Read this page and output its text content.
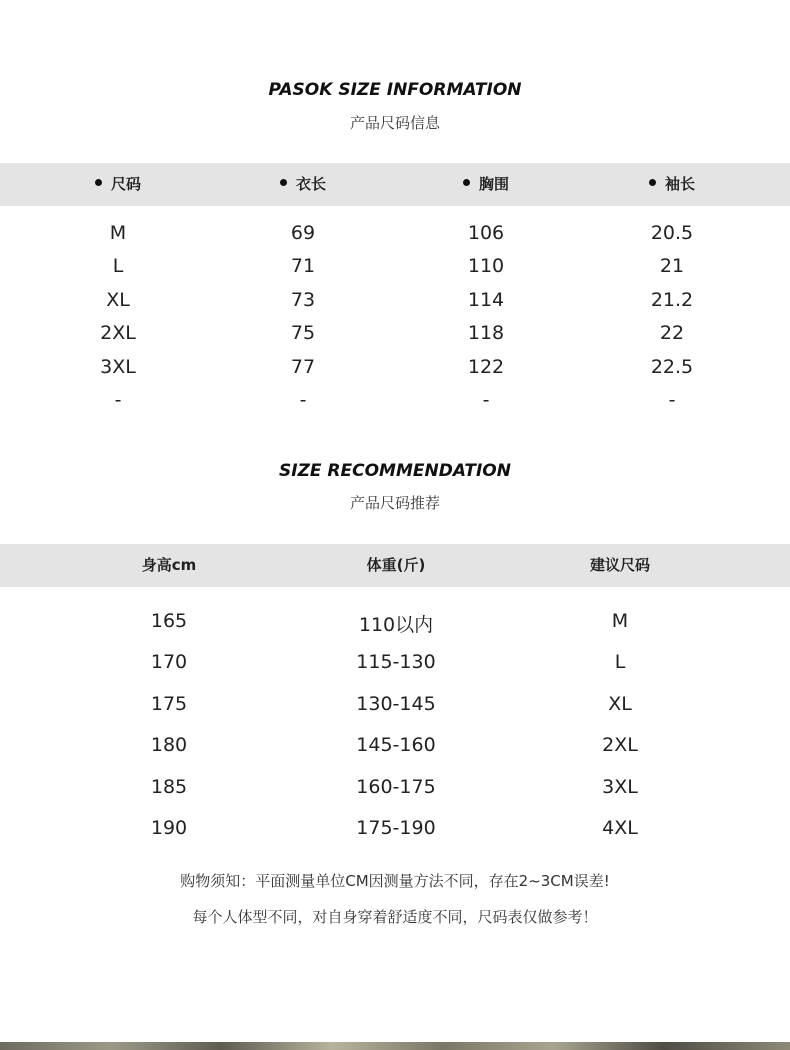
PASOK SIZE INFORMATION
产品尺码信息
尺码	衣长	胸围	袖长
M	69	106	20.5
L	71	110	21
XL	73	114	21.2
2XL	75	118	22
3XL	77	122	22.5
-	-	-	-
SIZE RECOMMENDATION
产品尺码推荐
身高cm	体重(斤)	建议尺码
165	110以内	M
170	115-130	L
175	130-145	XL
180	145-160	2XL
185	160-175	3XL
190	175-190	4XL
购物须知：平面测量单位CM因测量方法不同，存在2~3CM误差!
每个人体型不同，对自身穿着舒适度不同，尺码表仅做参考！
